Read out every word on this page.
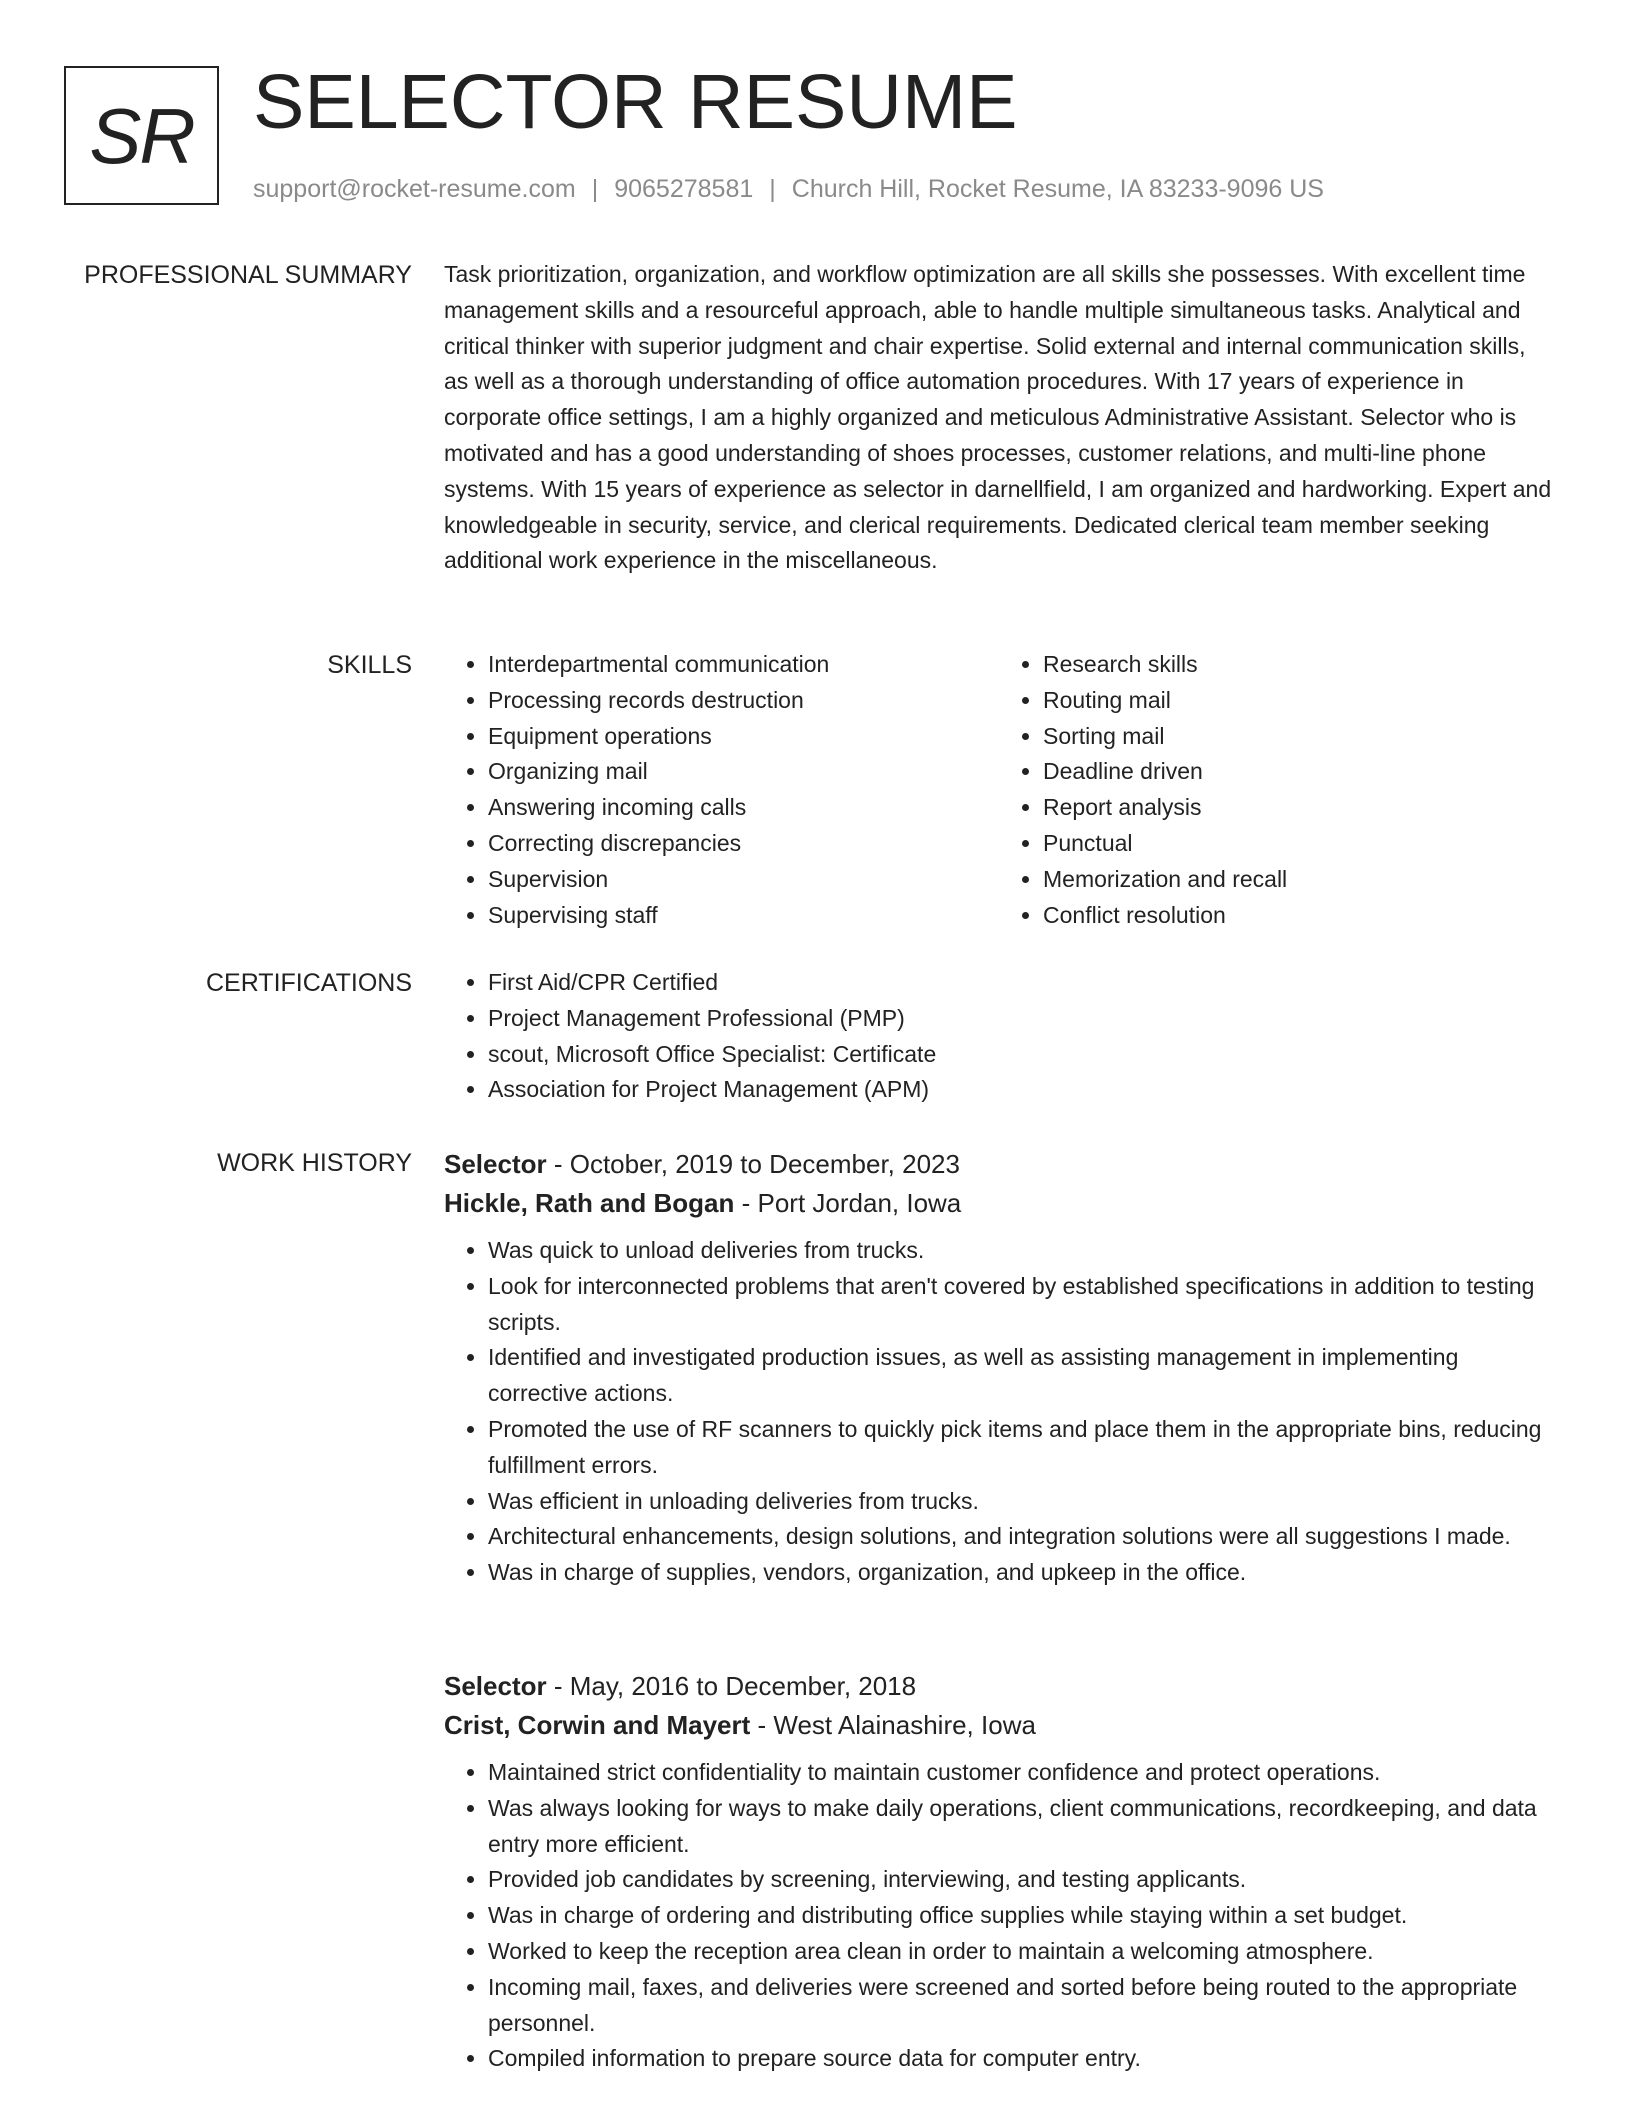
SR SELECTOR RESUME
support@rocket-resume.com | 9065278581 | Church Hill, Rocket Resume, IA 83233-9096 US
PROFESSIONAL SUMMARY Task prioritization, organization, and workflow optimization are all skills she possesses. With excellent time management skills and a resourceful approach, able to handle multiple simultaneous tasks. Analytical and critical thinker with superior judgment and chair expertise. Solid external and internal communication skills, as well as a thorough understanding of office automation procedures. With 17 years of experience in corporate office settings, I am a highly organized and meticulous Administrative Assistant. Selector who is motivated and has a good understanding of shoes processes, customer relations, and multi-line phone systems. With 15 years of experience as selector in darnellfield, I am organized and hardworking. Expert and knowledgeable in security, service, and clerical requirements. Dedicated clerical team member seeking additional work experience in the miscellaneous.

SKILLS	• Interdepartmental communication
• Processing records destruction
• Equipment operations
• Organizing mail
• Answering incoming calls
• Correcting discrepancies
• Supervision
• Supervising staff
• Research skills
• Routing mail
• Sorting mail
• Deadline driven
• Report analysis
• Punctual
• Memorization and recall
• Conflict resolution
CERTIFICATIONS	• First Aid/CPR Certified
• Project Management Professional (PMP)
• scout, Microsoft Office Specialist: Certificate
• Association for Project Management (APM)
WORK HISTORY Selector - October, 2019 to December, 2023

Hickle, Rath and Bogan - Port Jordan, Iowa

• Was quick to unload deliveries from trucks.
• Look for interconnected problems that aren't covered by established specifications in addition to testing scripts.
• Identified and investigated production issues, as well as assisting management in implementing corrective actions.
• Promoted the use of RF scanners to quickly pick items and place them in the appropriate bins, reducing fulfillment errors.
• Was efficient in unloading deliveries from trucks.
• Architectural enhancements, design solutions, and integration solutions were all suggestions I made.
• Was in charge of supplies, vendors, organization, and upkeep in the office.

Selector - May, 2016 to December, 2018

Crist, Corwin and Mayert - West Alainashire, Iowa

• Maintained strict confidentiality to maintain customer confidence and protect operations.
• Was always looking for ways to make daily operations, client communications, recordkeeping, and data entry more efficient.
• Provided job candidates by screening, interviewing, and testing applicants.
• Was in charge of ordering and distributing office supplies while staying within a set budget.
• Worked to keep the reception area clean in order to maintain a welcoming atmosphere.
• Incoming mail, faxes, and deliveries were screened and sorted before being routed to the appropriate personnel.
• Compiled information to prepare source data for computer entry.
